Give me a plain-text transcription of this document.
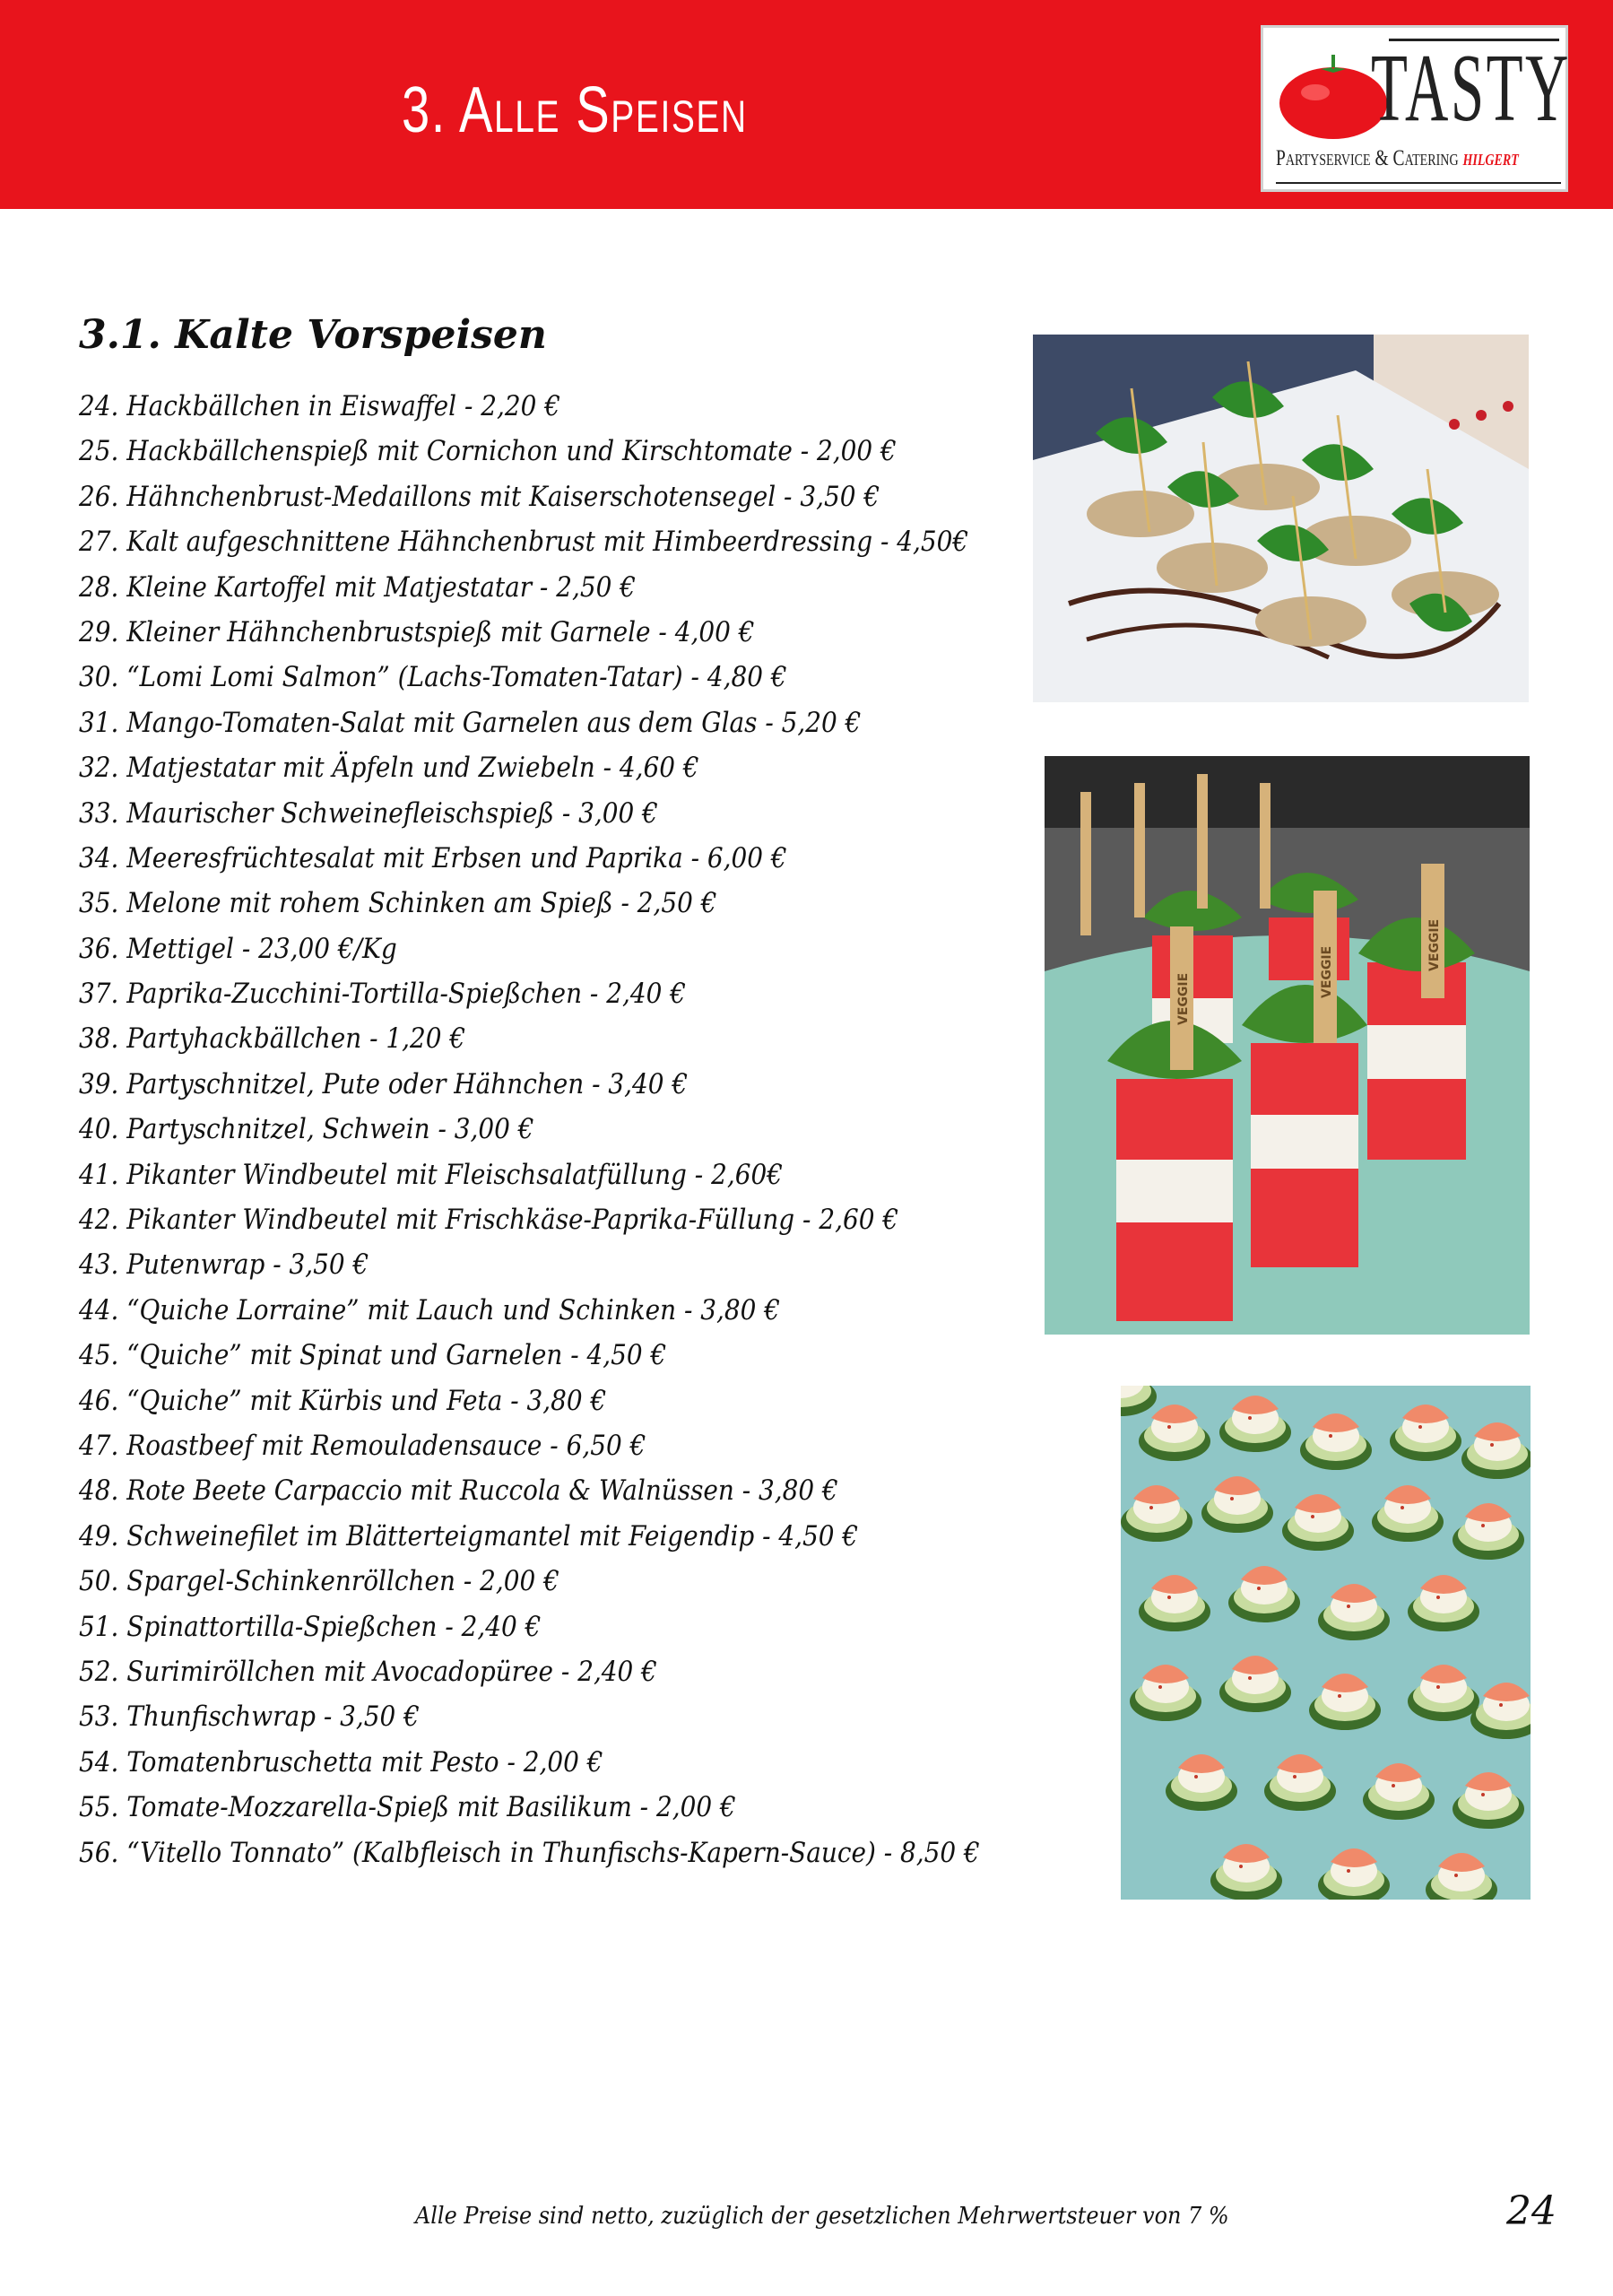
3. Alle Speisen	TASTY
Partyservice & Catering hilgert
3.1. Kalte Vorspeisen
24. Hackbällchen in Eiswaffel - 2,20 €
25. Hackbällchenspieß mit Cornichon und Kirschtomate - 2,00 €
26. Hähnchenbrust-Medaillons mit Kaiserschotensegel - 3,50 €
27. Kalt aufgeschnittene Hähnchenbrust mit Himbeerdressing - 4,50€
28. Kleine Kartoffel mit Matjestatar - 2,50 €
29. Kleiner Hähnchenbrustspieß mit Garnele - 4,00 €
30. “Lomi Lomi Salmon” (Lachs-Tomaten-Tatar) - 4,80 €
31. Mango-Tomaten-Salat mit Garnelen aus dem Glas - 5,20 €
32. Matjestatar mit Äpfeln und Zwiebeln - 4,60 €
33. Maurischer Schweinefleischspieß - 3,00 €
34. Meeresfrüchtesalat mit Erbsen und Paprika - 6,00 €
35. Melone mit rohem Schinken am Spieß - 2,50 €
36. Mettigel - 23,00 €/Kg
37. Paprika-Zucchini-Tortilla-Spießchen - 2,40 €
38. Partyhackbällchen - 1,20 €
39. Partyschnitzel, Pute oder Hähnchen - 3,40 €
40. Partyschnitzel, Schwein - 3,00 €
41. Pikanter Windbeutel mit Fleischsalatfüllung - 2,60€
42. Pikanter Windbeutel mit Frischkäse-Paprika-Füllung - 2,60 €
43. Putenwrap - 3,50 €
44. “Quiche Lorraine” mit Lauch und Schinken - 3,80 €
45. “Quiche” mit Spinat und Garnelen - 4,50 €
46. “Quiche” mit Kürbis und Feta - 3,80 €
47. Roastbeef mit Remouladensauce - 6,50 €
48. Rote Beete Carpaccio mit Ruccola & Walnüssen - 3,80 €
49. Schweinefilet im Blätterteigmantel mit Feigendip - 4,50 €
50. Spargel-Schinkenröllchen - 2,00 €
51. Spinattortilla-Spießchen - 2,40 €
52. Surimiröllchen mit Avocadopüree - 2,40 €
53. Thunfischwrap - 3,50 €
54. Tomatenbruschetta mit Pesto - 2,00 €
55. Tomate-Mozzarella-Spieß mit Basilikum - 2,00 €
56. “Vitello Tonnato” (Kalbfleisch in Thunfischs-Kapern-Sauce) - 8,50 €
VEGGIE
VEGGIE
VEGGIE
Alle Preise sind netto, zuzüglich der gesetzlichen Mehrwertsteuer von 7 %	24
